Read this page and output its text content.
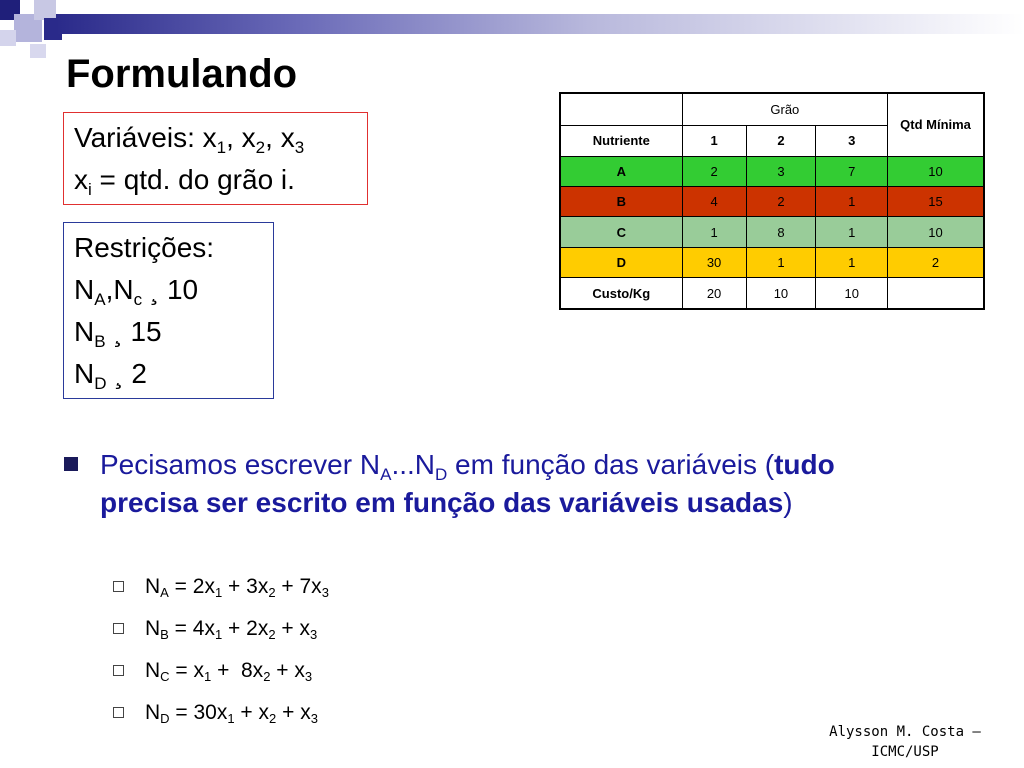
Formulando
Variáveis: $x_1$, $x_2$, $x_3$
$x_i$ = qtd. do grão i.
Restrições:
$N_A,N_c$ ¸ 10
$N_B$ ¸ 15
$N_D$ ¸ 2
	Grão			Qtd Mínima
Nutriente	1	2	3	
A	2	3	7	10
B	4	2	1	15
C	1	8	1	10
D	30	1	1	2
Custo/Kg	20	10	10	
Pecisamos escrever $N_A...N_D$ em função das variáveis (tudo precisa ser escrito em função das variáveis usadas)
$N_A = 2x_1 + 3x_2 + 7x_3$
$N_B = 4x_1 + 2x_2 + x_3$
$N_C = x_1 + 8x_2 + x_3$
$N_D = 30x_1 + x_2 + x_3$
Alysson M. Costa –
ICMC/USP
